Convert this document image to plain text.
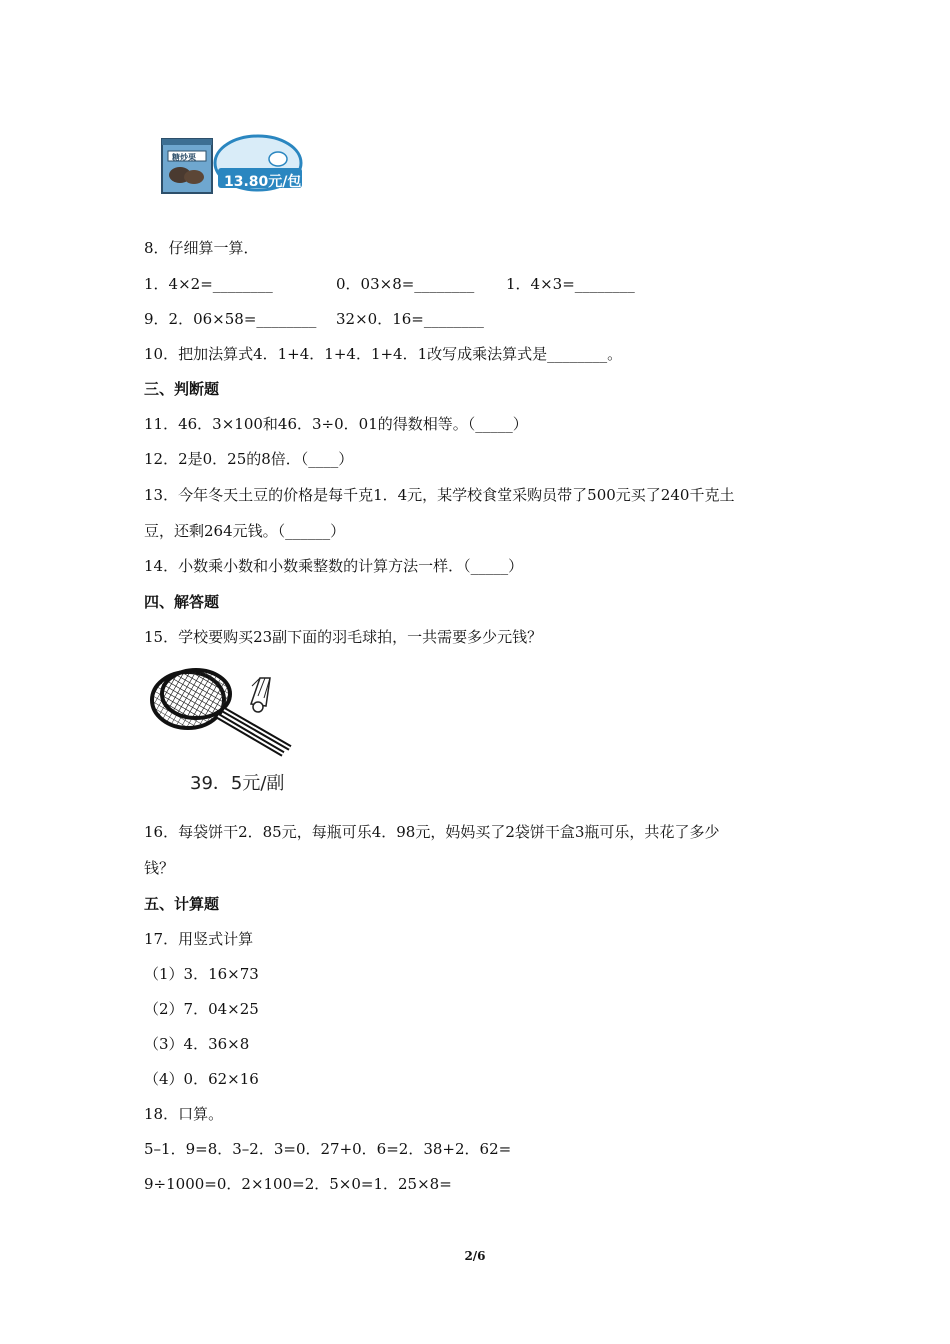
糖炒栗
13.80元/包
8．仔细算一算．
1．4×2=________	0．03×8=________ 1．4×3=________
9．2．06×58=________ 32×0．16=________
10．把加法算式4．1+4．1+4．1+4．1改写成乘法算式是________。
三、判断题
11．46．3×100和46．3÷0．01的得数相等。（_____）
12．2是0．25的8倍．（____）
13．今年冬天土豆的价格是每千克1．4元，某学校食堂采购员带了500元买了240千克土
豆，还剩264元钱。（______）
14．小数乘小数和小数乘整数的计算方法一样．（_____）
四、解答题
15．学校要购买23副下面的羽毛球拍，一共需要多少元钱？
39．5元/副
16．每袋饼干2．85元，每瓶可乐4．98元，妈妈买了2袋饼干盒3瓶可乐，共花了多少
钱？
五、计算题
17．用竖式计算
（1）3．16×73
（2）7．04×25
（3）4．36×8
（4）0．62×16
18．口算。
5–1．9=8．3–2．3=0．27+0．6=2．38+2．62=
9÷1000=0．2×100=2．5×0=1．25×8=
2/6
